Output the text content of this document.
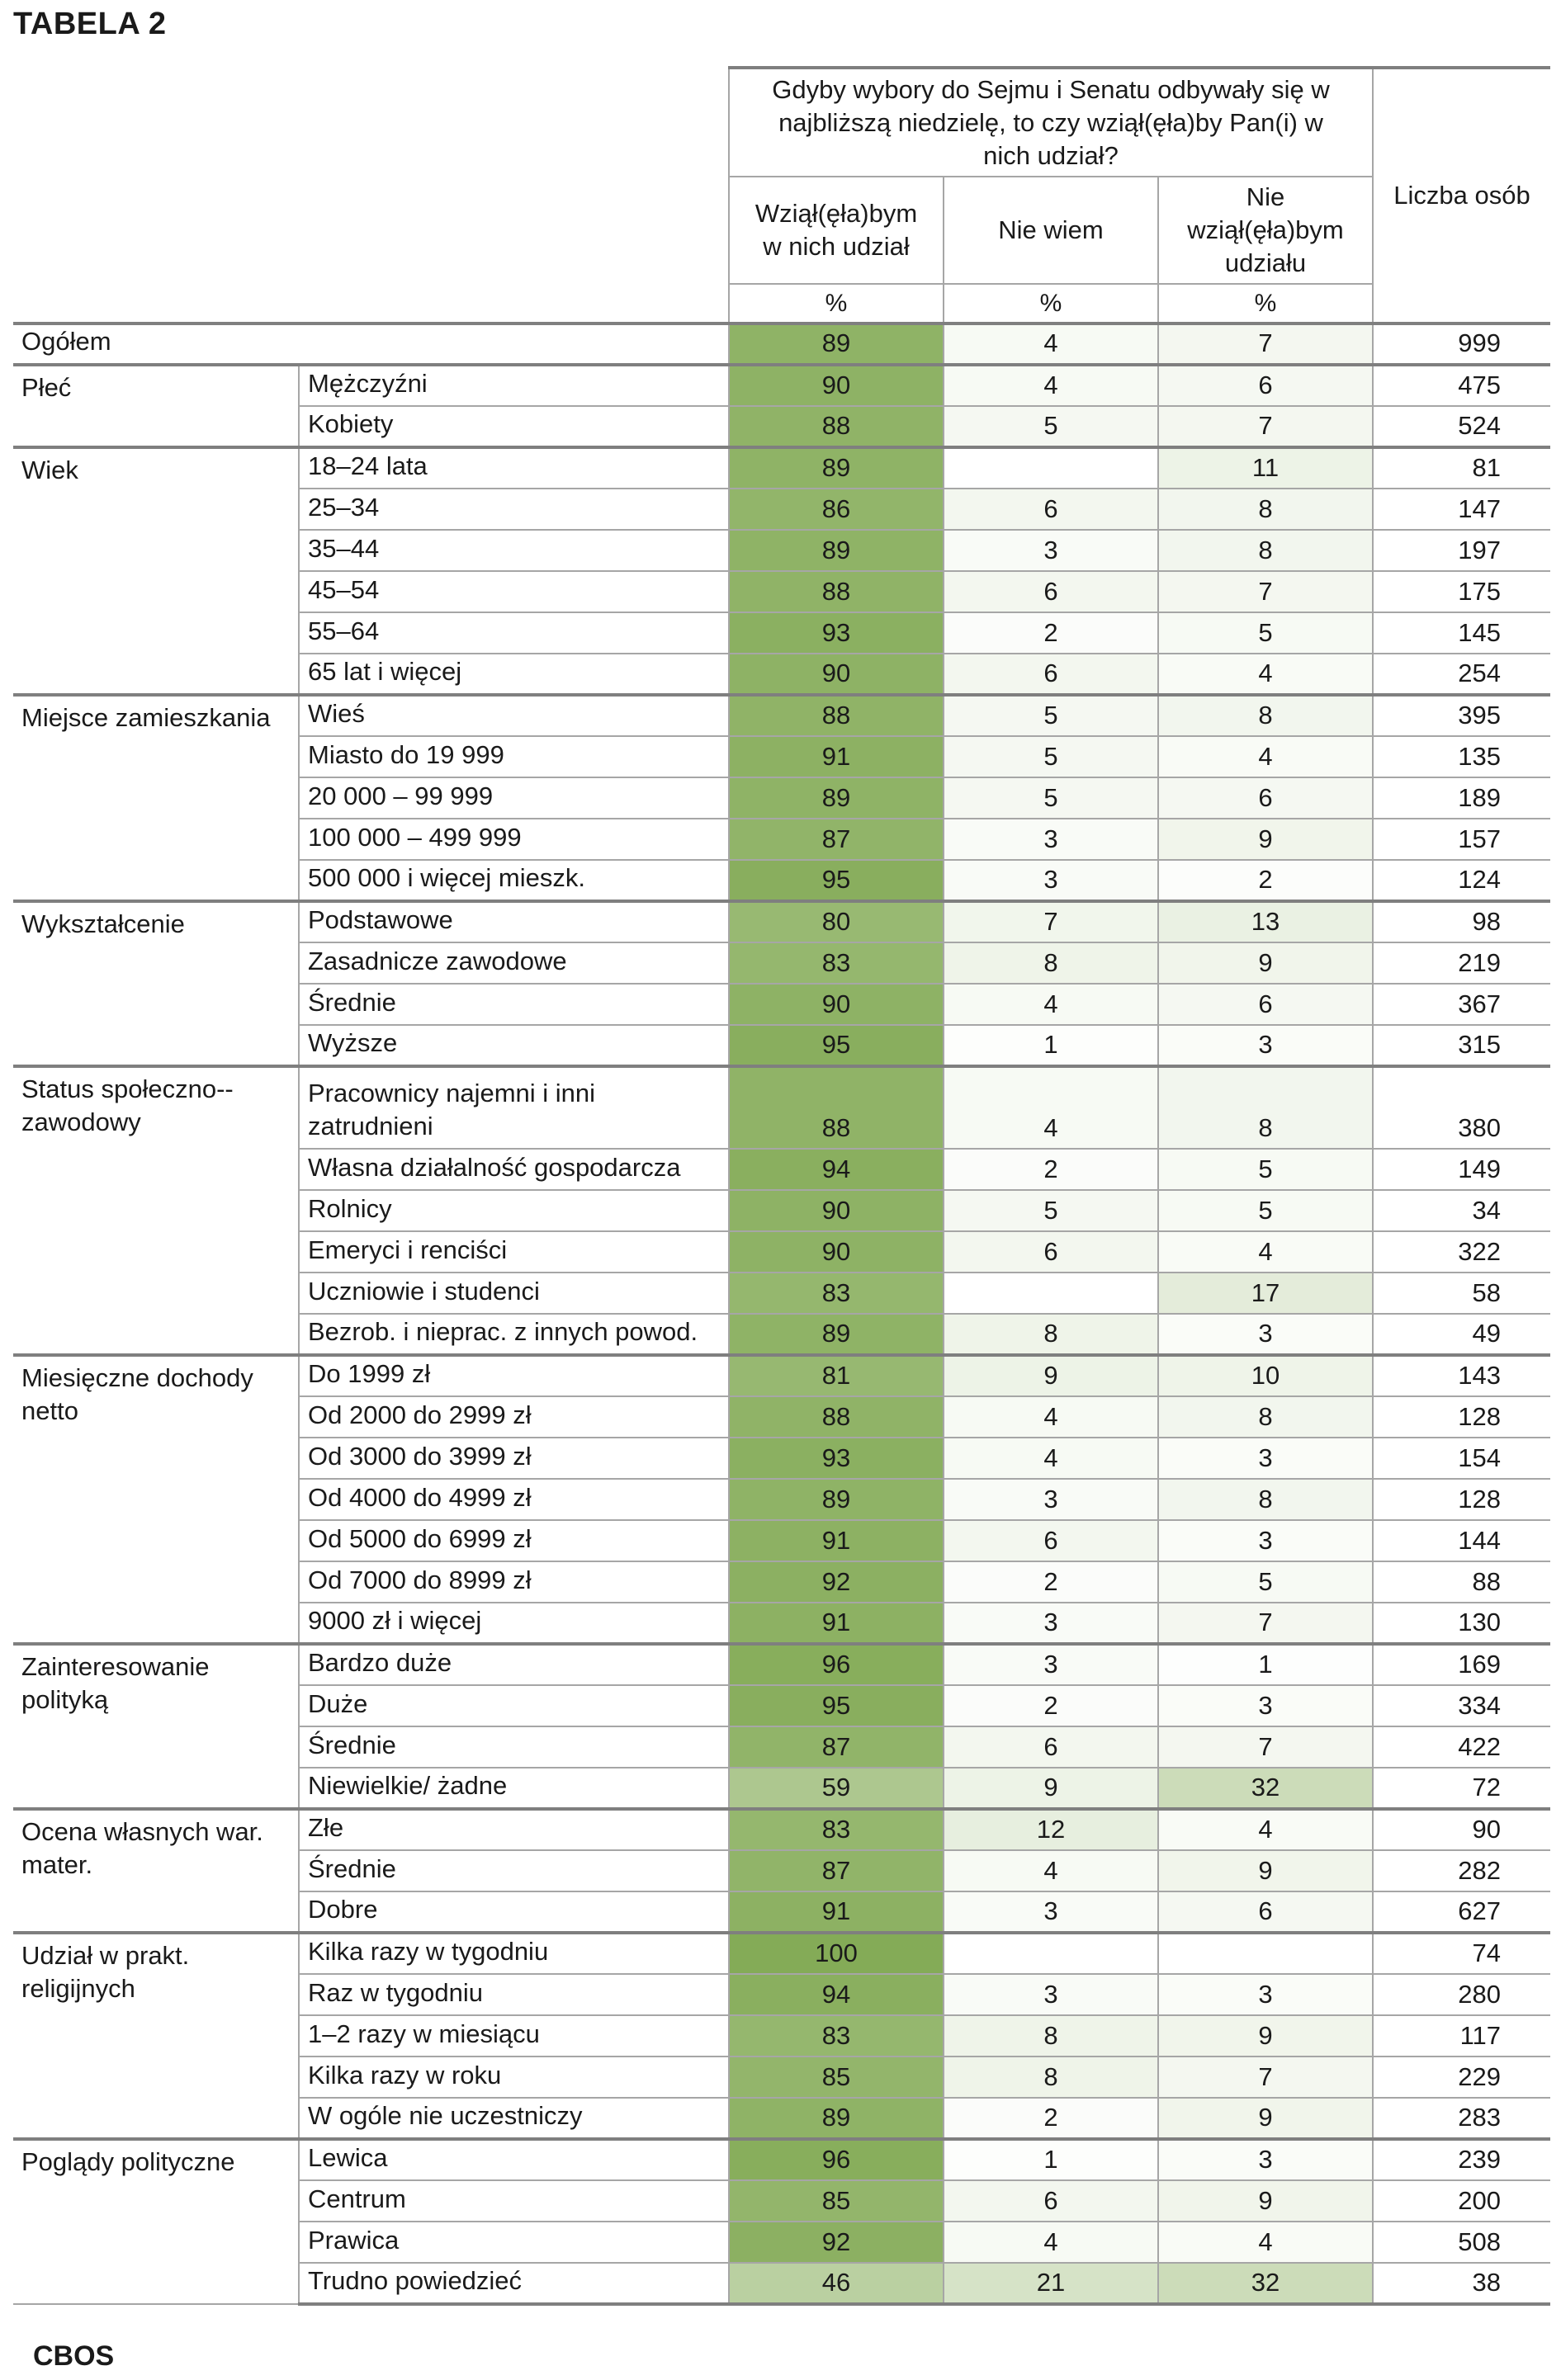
TABELA 2
		Gdyby wybory do Sejmu i Senatu odbywały się w najbliższą niedzielę, to czy wziął(ęła)by Pan(i) w nich udział?			Liczba osób
		Wziął(ęła)bym w nich udział	Nie wiem	Nie wziął(ęła)bym udziału	
		%	%	%	
Ogółem		89	4	7	999
Płeć	Mężczyźni	90	4	6	475
	Kobiety	88	5	7	524
Wiek	18–24 lata	89		11	81
	25–34	86	6	8	147
	35–44	89	3	8	197
	45–54	88	6	7	175
	55–64	93	2	5	145
	65 lat i więcej	90	6	4	254
Miejsce zamieszkania	Wieś	88	5	8	395
	Miasto do 19 999	91	5	4	135
	20 000 – 99 999	89	5	6	189
	100 000 – 499 999	87	3	9	157
	500 000 i więcej mieszk.	95	3	2	124
Wykształcenie	Podstawowe	80	7	13	98
	Zasadnicze zawodowe	83	8	9	219
	Średnie	90	4	6	367
	Wyższe	95	1	3	315
Status społeczno--zawodowy	Pracownicy najemni i inni zatrudnieni	88	4	8	380
	Własna działalność gospodarcza	94	2	5	149
	Rolnicy	90	5	5	34
	Emeryci i renciści	90	6	4	322
	Uczniowie i studenci	83		17	58
	Bezrob. i nieprac. z innych powod.	89	8	3	49
Miesięczne dochody netto	Do 1999 zł	81	9	10	143
	Od 2000 do 2999 zł	88	4	8	128
	Od 3000 do 3999 zł	93	4	3	154
	Od 4000 do 4999 zł	89	3	8	128
	Od 5000 do 6999 zł	91	6	3	144
	Od 7000 do 8999 zł	92	2	5	88
	9000 zł i więcej	91	3	7	130
Zainteresowanie polityką	Bardzo duże	96	3	1	169
	Duże	95	2	3	334
	Średnie	87	6	7	422
	Niewielkie/ żadne	59	9	32	72
Ocena własnych war. mater.	Złe	83	12	4	90
	Średnie	87	4	9	282
	Dobre	91	3	6	627
Udział w prakt. religijnych	Kilka razy w tygodniu	100			74
	Raz w tygodniu	94	3	3	280
	1–2 razy w miesiącu	83	8	9	117
	Kilka razy w roku	85	8	7	229
	W ogóle nie uczestniczy	89	2	9	283
Poglądy polityczne	Lewica	96	1	3	239
	Centrum	85	6	9	200
	Prawica	92	4	4	508
	Trudno powiedzieć	46	21	32	38
CBOS
